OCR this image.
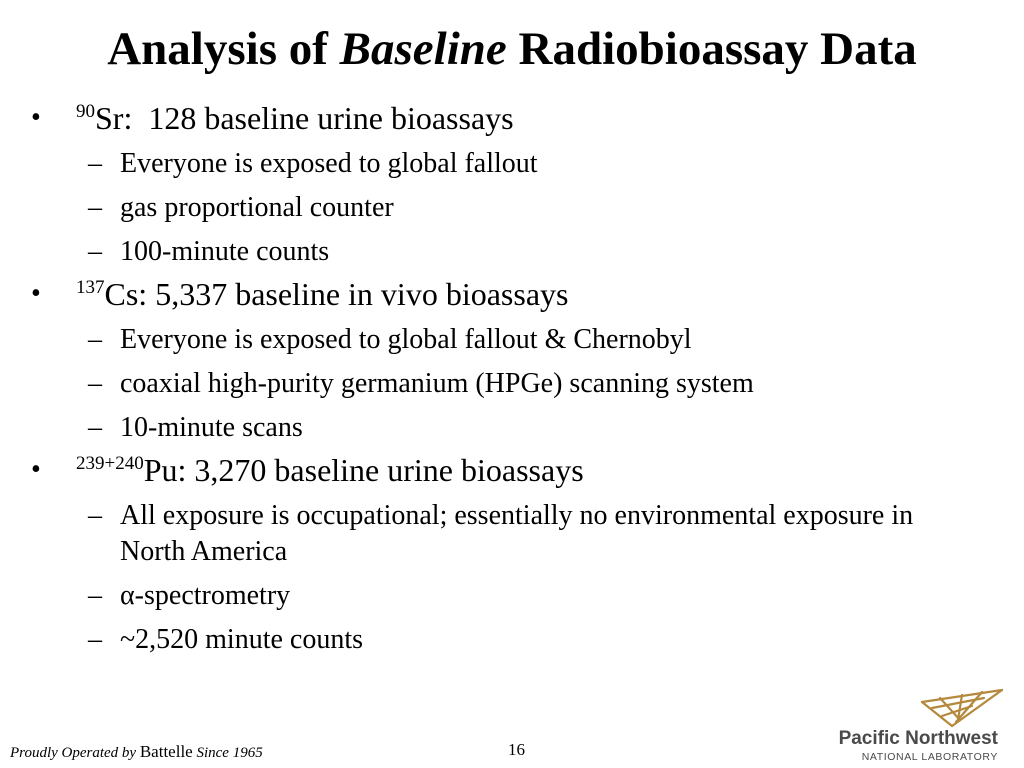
Analysis of Baseline Radiobioassay Data
• $^{90}$Sr:  128 baseline urine bioassays
– Everyone is exposed to global fallout
– gas proportional counter
– 100-minute counts
• $^{137}$Cs: 5,337 baseline in vivo bioassays
– Everyone is exposed to global fallout & Chernobyl
– coaxial high-purity germanium (HPGe) scanning system
– 10-minute scans
• $^{239+240}$Pu: 3,270 baseline urine bioassays
– All exposure is occupational; essentially no environmental exposure in North America
– α-spectrometry
– ~2,520 minute counts
Proudly Operated by Battelle Since 1965	16
Pacific Northwest
NATIONAL LABORATORY
